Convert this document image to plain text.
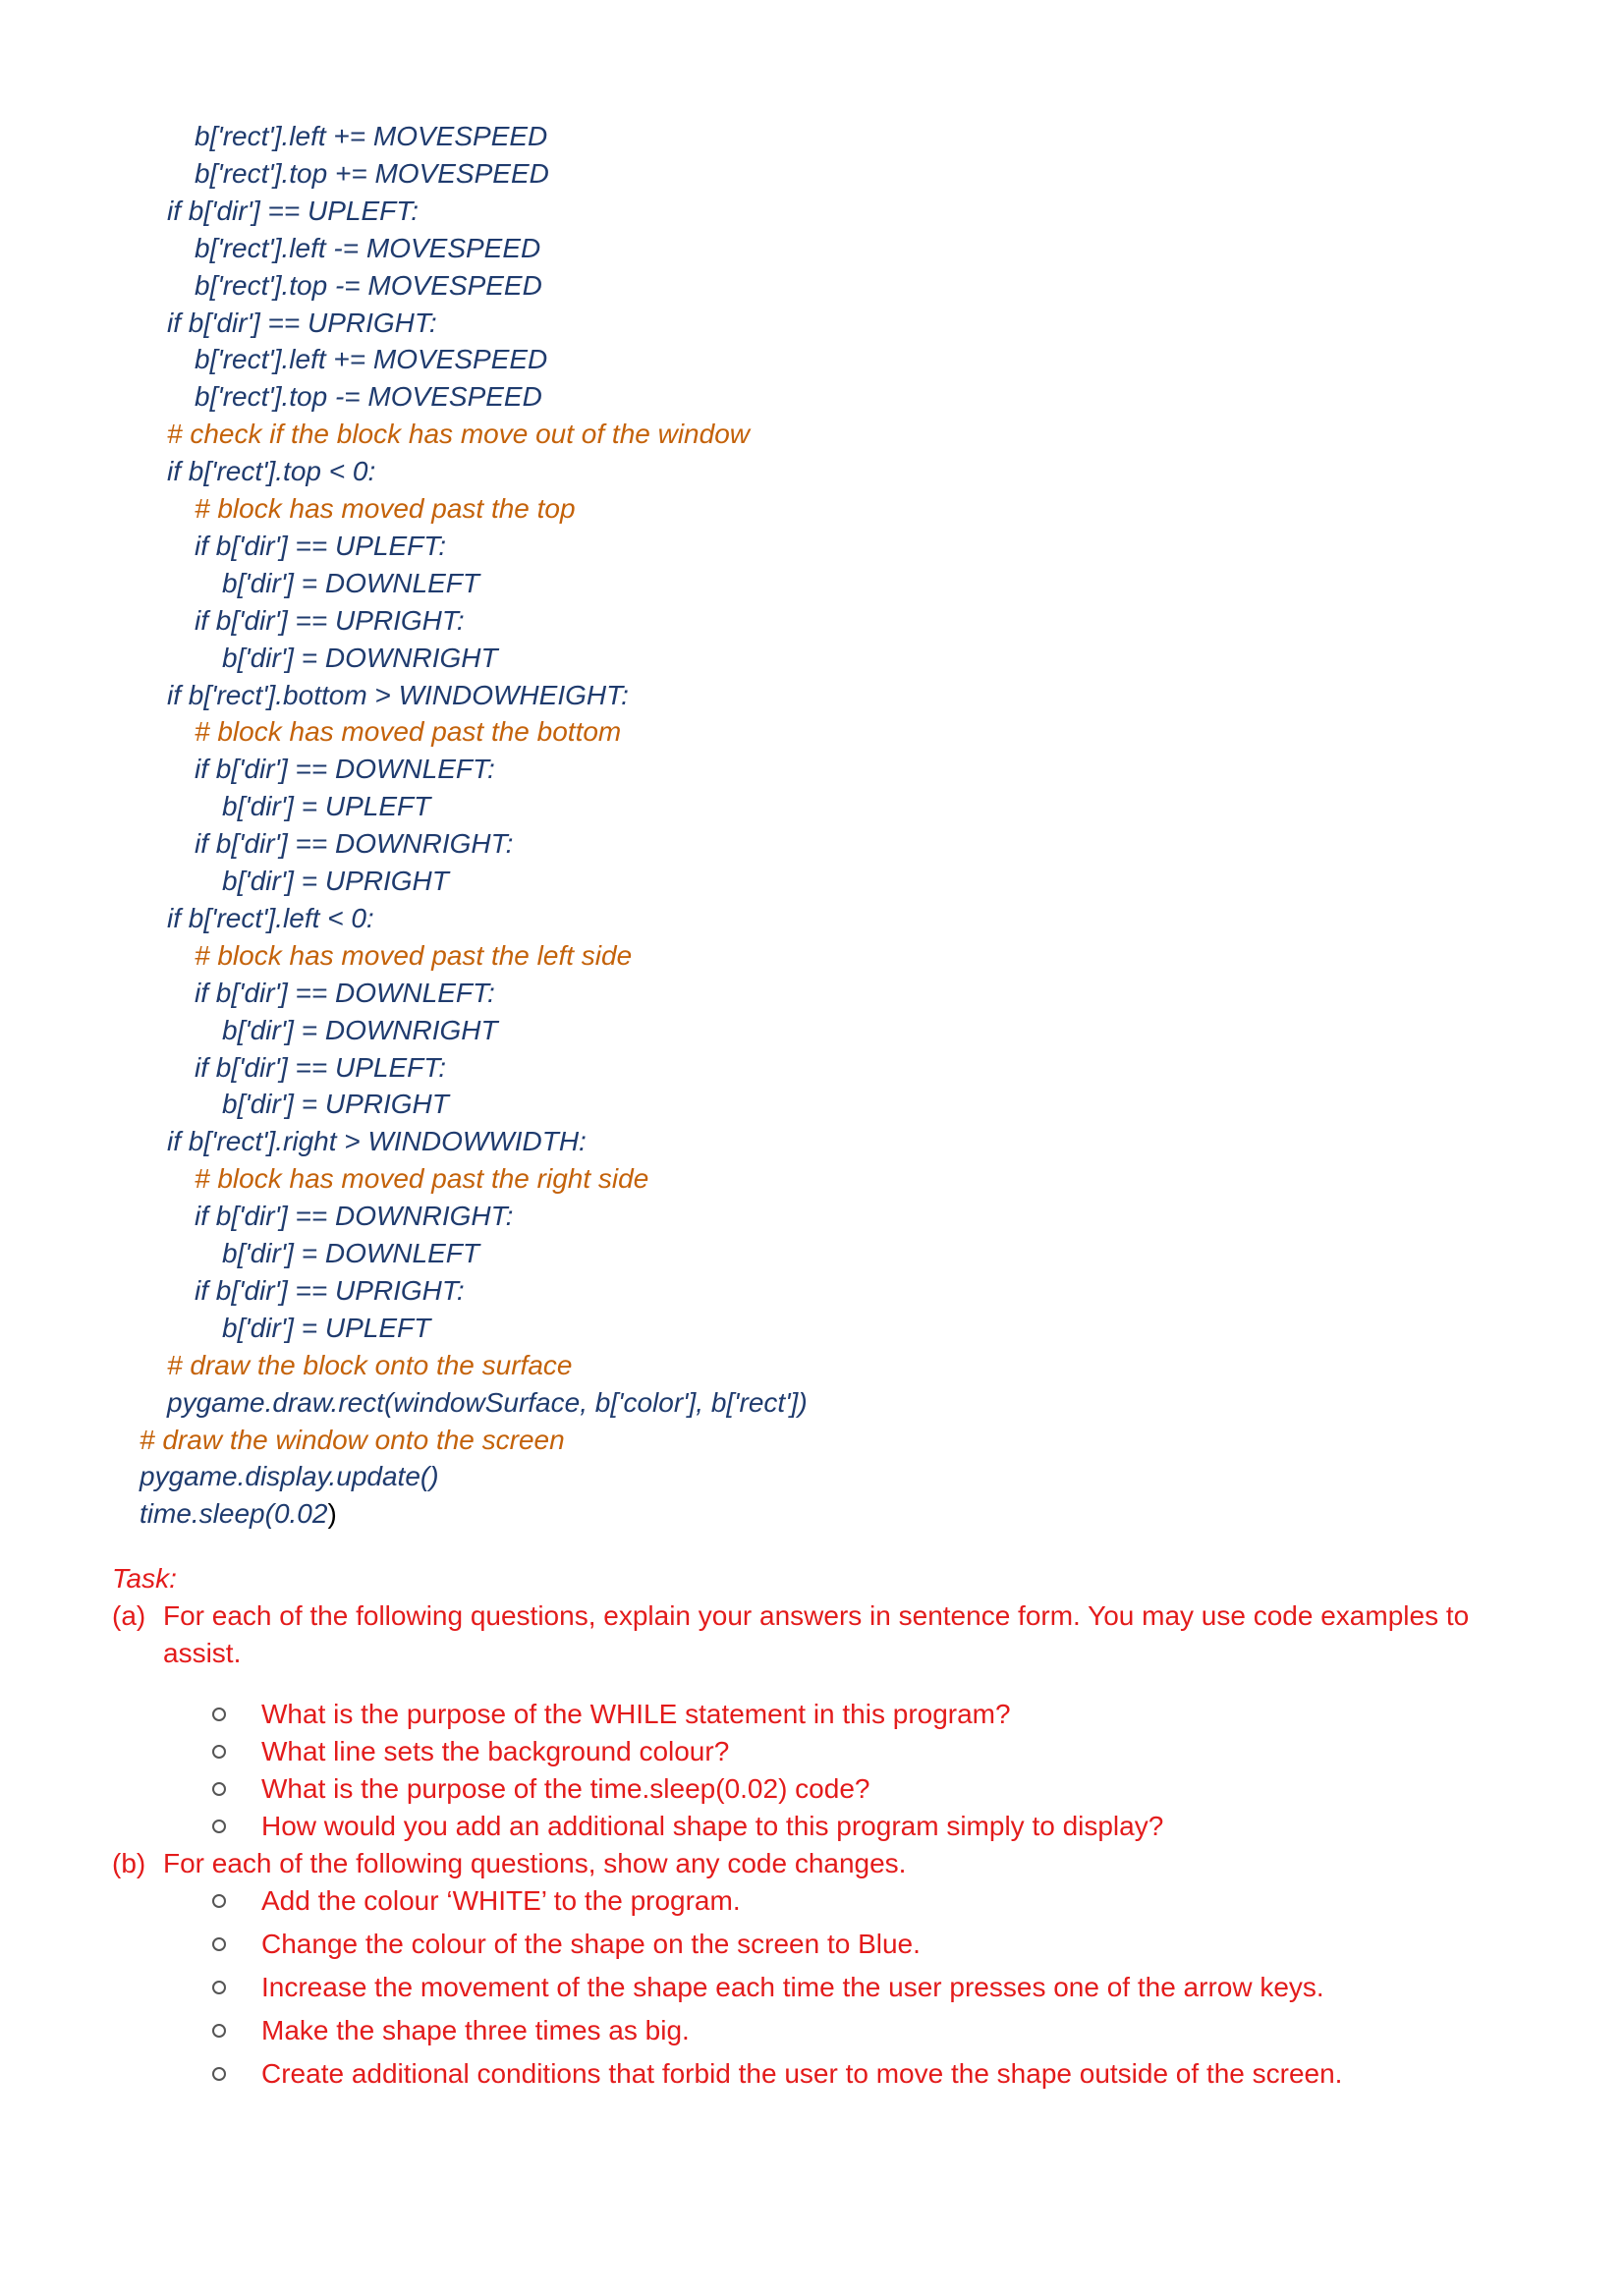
b['rect'].left += MOVESPEED
b['rect'].top += MOVESPEED
if b['dir'] == UPLEFT:
b['rect'].left -= MOVESPEED
b['rect'].top -= MOVESPEED
if b['dir'] == UPRIGHT:
b['rect'].left += MOVESPEED
b['rect'].top -= MOVESPEED
# check if the block has move out of the window
if b['rect'].top < 0:
# block has moved past the top
if b['dir'] == UPLEFT:
b['dir'] = DOWNLEFT
if b['dir'] == UPRIGHT:
b['dir'] = DOWNRIGHT
if b['rect'].bottom > WINDOWHEIGHT:
# block has moved past the bottom
if b['dir'] == DOWNLEFT:
b['dir'] = UPLEFT
if b['dir'] == DOWNRIGHT:
b['dir'] = UPRIGHT
if b['rect'].left < 0:
# block has moved past the left side
if b['dir'] == DOWNLEFT:
b['dir'] = DOWNRIGHT
if b['dir'] == UPLEFT:
b['dir'] = UPRIGHT
if b['rect'].right > WINDOWWIDTH:
# block has moved past the right side
if b['dir'] == DOWNRIGHT:
b['dir'] = DOWNLEFT
if b['dir'] == UPRIGHT:
b['dir'] = UPLEFT
# draw the block onto the surface
pygame.draw.rect(windowSurface, b['color'], b['rect'])
# draw the window onto the screen
pygame.display.update()
time.sleep(0.02)
Task:
(a) For each of the following questions, explain your answers in sentence form. You may use code examples to assist.
What is the purpose of the WHILE statement in this program?
What line sets the background colour?
What is the purpose of the time.sleep(0.02) code?
How would you add an additional shape to this program simply to display?
(b) For each of the following questions, show any code changes.
Add the colour ‘WHITE’ to the program.
Change the colour of the shape on the screen to Blue.
Increase the movement of the shape each time the user presses one of the arrow keys.
Make the shape three times as big.
Create additional conditions that forbid the user to move the shape outside of the screen.
